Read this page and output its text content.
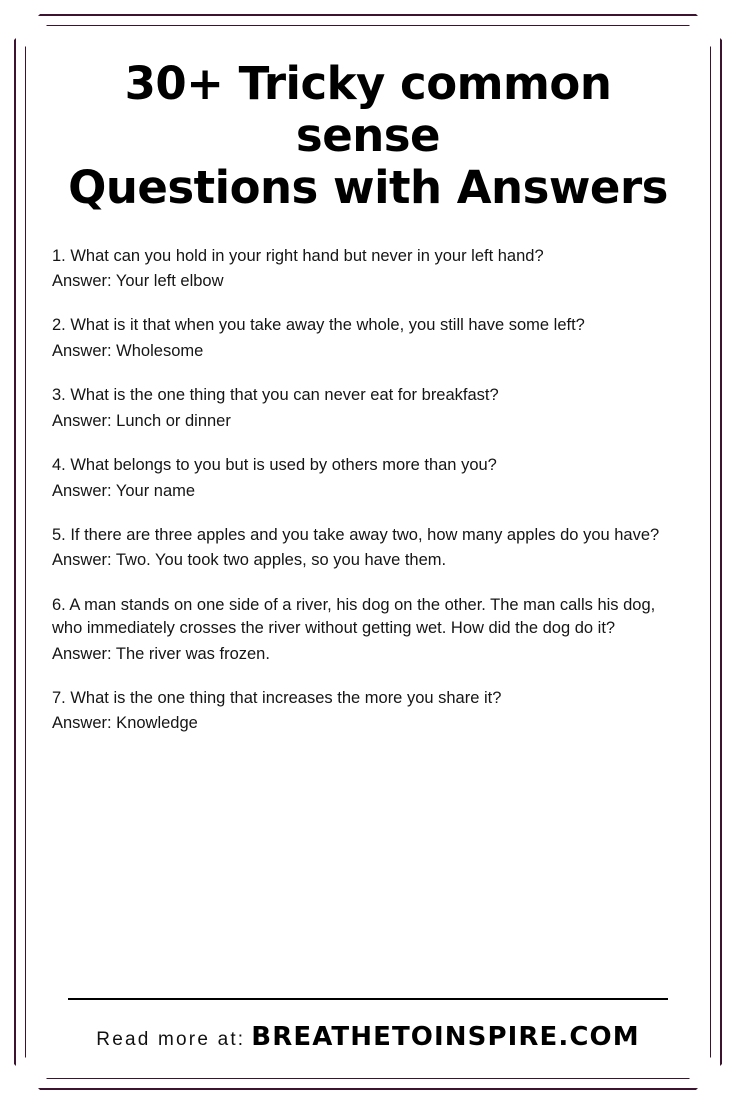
30+ Tricky common sense
Questions with Answers

1. What can you hold in your right hand but never in your left hand?

Answer: Your left elbow

2. What is it that when you take away the whole, you still have some left?

Answer: Wholesome

3. What is the one thing that you can never eat for breakfast?

Answer: Lunch or dinner

4. What belongs to you but is used by others more than you?

Answer: Your name

5. If there are three apples and you take away two, how many apples do you have?

Answer: Two. You took two apples, so you have them.

6. A man stands on one side of a river, his dog on the other. The man calls his dog, who immediately crosses the river without getting wet. How did the dog do it?

Answer: The river was frozen.

7. What is the one thing that increases the more you share it?

Answer: Knowledge

Read more at: BREATHETOINSPIRE.COM
